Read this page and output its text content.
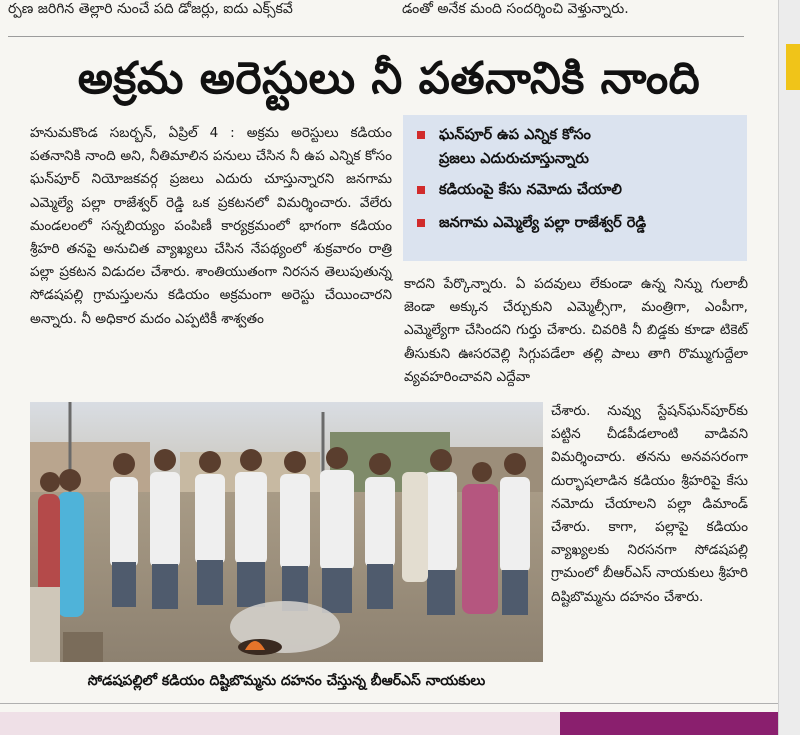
ర్పణ జరిగిన తెల్లారి నుంచే పది డోజర్లు, ఐదు ఎక్స్‌కవే	డంతో అనేక మంది సందర్శించి వెళ్తున్నారు.
అక్రమ అరెస్టులు నీ పతనానికి నాంది

హనుమకొండ సబర్బన్, ఏప్రిల్ 4 : అక్రమ అరెస్టులు కడియం పతనానికి నాంది అని, నీతిమాలిన పనులు చేసిన నీ ఉప ఎన్నిక కోసం ఘన్‌పూర్ నియోజకవర్గ ప్రజలు ఎదురు చూస్తున్నారని జనగామ ఎమ్మెల్యే పల్లా రాజేశ్వర్ రెడ్డి ఒక ప్రకటనలో విమర్శించారు. వేలేరు మండలంలో సన్నబియ్యం పంపిణీ కార్యక్రమంలో భాగంగా కడియం శ్రీహరి తనపై అనుచిత వ్యాఖ్యలు చేసిన నేపథ్యంలో శుక్రవారం రాత్రి పల్లా ప్రకటన విడుదల చేశారు. శాంతియుతంగా నిరసన తెలుపుతున్న సోడషపల్లి గ్రామస్తులను కడియం అక్రమంగా అరెస్టు చేయించారని అన్నారు. నీ అధికార మదం ఎప్పటికీ శాశ్వతం

ఘన్‌పూర్ ఉప ఎన్నిక కోసం
ప్రజలు ఎదురుచూస్తున్నారు
కడియంపై కేసు నమోదు చేయాలి
జనగామ ఎమ్మెల్యే పల్లా రాజేశ్వర్ రెడ్డి

కాదని పేర్కొన్నారు. ఏ పదవులు లేకుండా ఉన్న నిన్ను గులాబీ జెండా అక్కున చేర్చుకుని ఎమ్మెల్సీగా, మంత్రిగా, ఎంపీగా, ఎమ్మెల్యేగా చేసిందని గుర్తు చేశారు. చివరికి నీ బిడ్డకు కూడా టికెట్ తీసుకుని ఊసరవెల్లి సిగ్గుపడేలా తల్లి పాలు తాగి రొమ్ముగుద్దేలా వ్యవహరించావని ఎద్దేవా

సోడషపల్లిలో కడియం దిష్టిబొమ్మను దహనం చేస్తున్న బీఆర్‌ఎస్ నాయకులు

చేశారు. నువ్వు స్టేషన్‌ఘన్‌పూర్‌కు పట్టిన చీడపీడలాంటి వాడివని విమర్శించారు. తనను అనవసరంగా దుర్భాషలాడిన కడియం శ్రీహరిపై కేసు నమోదు చేయాలని పల్లా డిమాండ్ చేశారు. కాగా, పల్లాపై కడియం వ్యాఖ్యలకు నిరసనగా సోడషపల్లి గ్రామంలో బీఆర్‌ఎస్ నాయకులు శ్రీహరి దిష్టిబొమ్మను దహనం చేశారు.
